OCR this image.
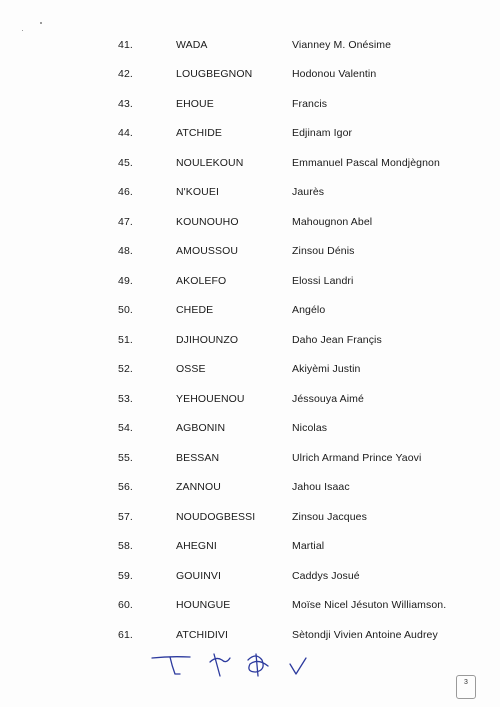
41.	WADA	Vianney M. Onésime
42.	LOUGBEGNON	Hodonou Valentin
43.	EHOUE	Francis
44.	ATCHIDE	Edjinam Igor
45.	NOULEKOUN	Emmanuel Pascal Mondjègnon
46.	N'KOUEI	Jaurès
47.	KOUNOUHO	Mahougnon Abel
48.	AMOUSSOU	Zinsou Dénis
49.	AKOLEFO	Elossi Landri
50.	CHEDE	Angélo
51.	DJIHOUNZO	Daho Jean Françis
52.	OSSE	Akiyèmi Justin
53.	YEHOUENOU	Jéssouya Aimé
54.	AGBONIN	Nicolas
55.	BESSAN	Ulrich Armand Prince Yaovi
56.	ZANNOU	Jahou Isaac
57.	NOUDOGBESSI	Zinsou Jacques
58.	AHEGNI	Martial
59.	GOUINVI	Caddys Josué
60.	HOUNGUE	Moïse Nicel Jésuton Williamson.
61.	ATCHIDIVI	Sètondji Vivien Antoine Audrey
3
